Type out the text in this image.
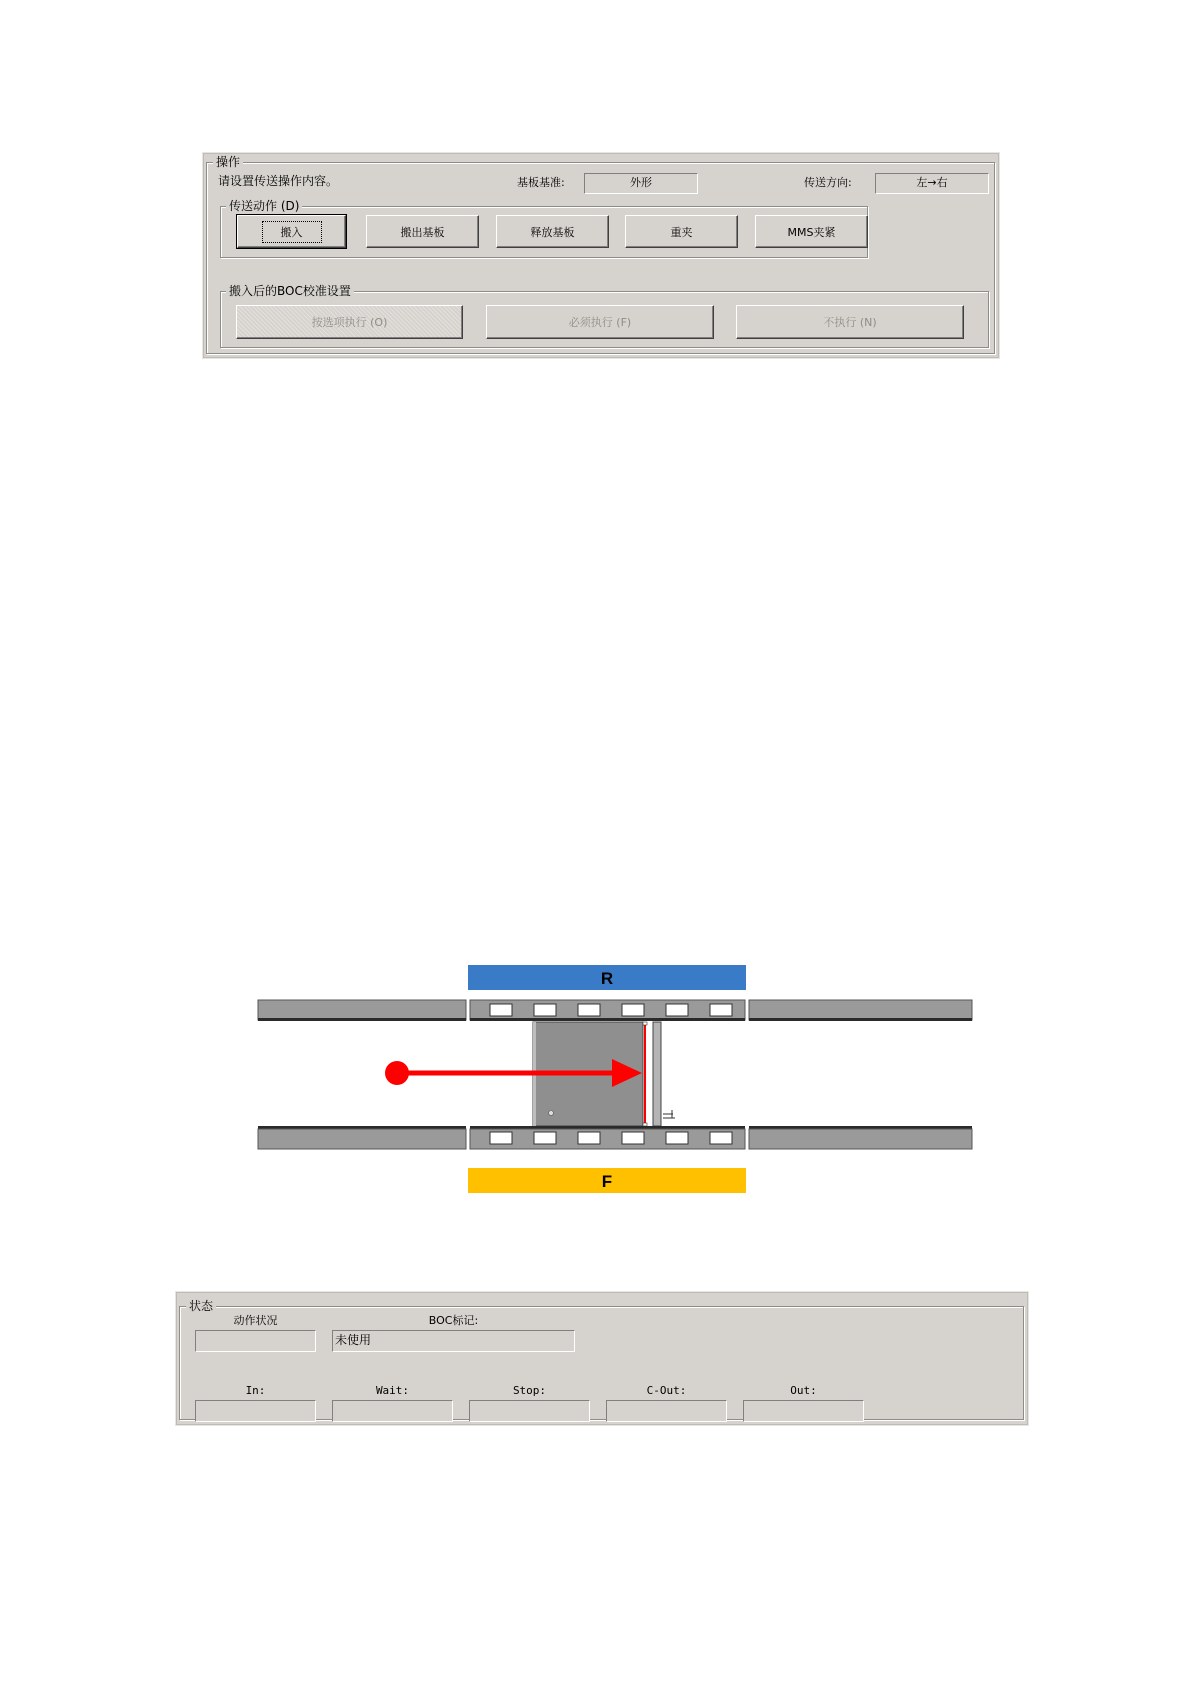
操作
请设置传送操作内容。	基板基准:	外形	传送方向:	左→右
传送动作 (D)
搬入	搬出基板	释放基板	重夹	MMS夹紧
搬入后的BOC校准设置
按选项执行 (O)	必须执行 (F)	不执行 (N)
R
F
状态
动作状况	BOC标记:
未使用
In:	Wait:	Stop:	C-Out:	Out:
